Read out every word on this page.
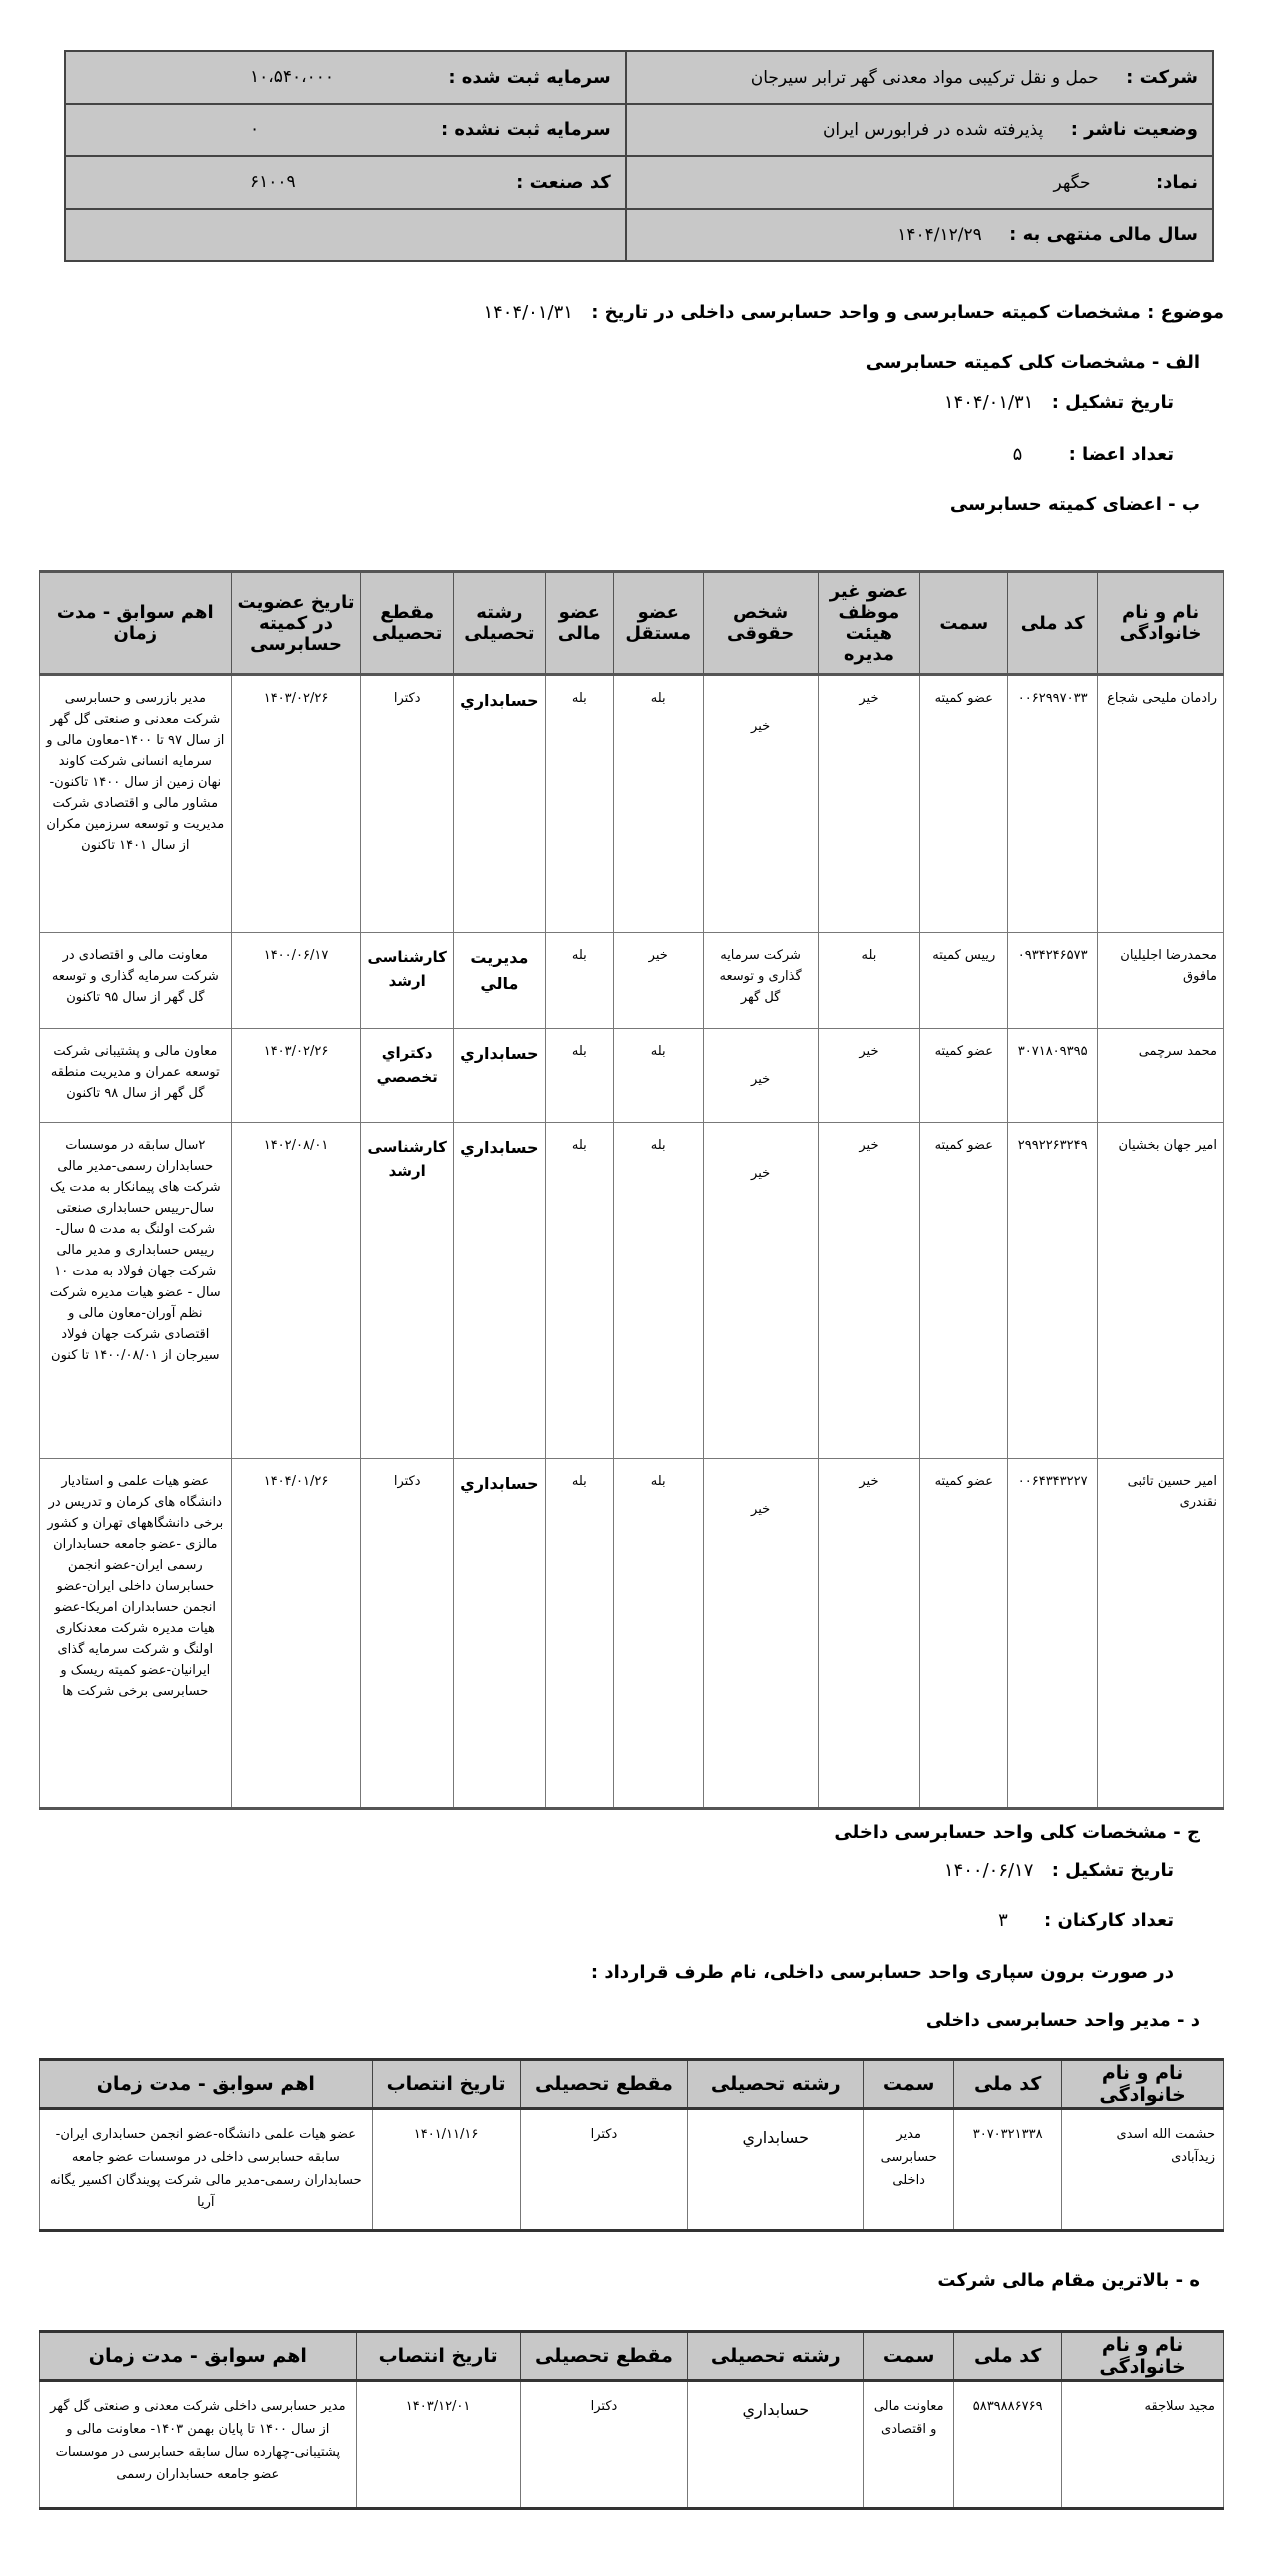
شرکت : حمل و نقل ترکیبی مواد معدنی گهر ترابر سیرجان	سرمایه ثبت شده :
۱۰،۵۴۰،۰۰۰

وضعیت ناشر : پذیرفته شده در فرابورس ایران	سرمایه ثبت نشده :
۰

نماد: حگهر	کد صنعت :
۶۱۰۰۹

سال مالی منتهی به : ۱۴۰۴/۱۲/۲۹	
موضوع : مشخصات کمیته حسابرسی و واحد حسابرسی داخلی در تاریخ : ۱۴۰۴/۰۱/۳۱
الف - مشخصات کلی کمیته حسابرسی
تاریخ تشکیل : ۱۴۰۴/۰۱/۳۱
تعداد اعضا : ۵
ب - اعضای کمیته حسابرسی
نام و نام خانوادگی	کد ملی	سمت	عضو غیر موظف هیئت مدیره	شخص حقوقی	عضو مستقل	عضو مالی	رشته تحصیلی	مقطع تحصیلی	تاریخ عضویت در کمیته حسابرسی	اهم سوابق - مدت زمان
رادمان ملیحی شجاع	۰۰۶۲۹۹۷۰۳۳	عضو کمیته	خیر	خیر	بله	بله	حسابداري	دکترا	۱۴۰۳/۰۲/۲۶	مدیر بازرسی و حسابرسی شرکت معدنی و صنعتی گل گهر از سال ۹۷ تا ۱۴۰۰-معاون مالی و سرمایه انسانی شرکت کاوند نهان زمین از سال ۱۴۰۰ تاکنون-مشاور مالی و اقتصادی شرکت مدیریت و توسعه سرزمین مکران از سال ۱۴۰۱ تاکنون
محمدرضا اجلیلیان مافوق	۰۹۳۴۲۴۶۵۷۳	رییس کمیته	بله	شرکت سرمایه گذاری و توسعه گل گهر	خیر	بله	مدیریت مالي	کارشناسی ارشد	۱۴۰۰/۰۶/۱۷	معاونت مالی و اقتصادی در شرکت سرمایه گذاری و توسعه گل گهر از سال ۹۵ تاکنون
محمد سرچمی	۳۰۷۱۸۰۹۳۹۵	عضو کمیته	خیر	خیر	بله	بله	حسابداري	دکتراي تخصصي	۱۴۰۳/۰۲/۲۶	معاون مالی و پشتیبانی شرکت توسعه عمران و مدیریت منطقه گل گهر از سال ۹۸ تاکنون
امیر جهان بخشیان	۲۹۹۲۲۶۳۲۴۹	عضو کمیته	خیر	خیر	بله	بله	حسابداري	کارشناسی ارشد	۱۴۰۲/۰۸/۰۱	۲سال سابقه در موسسات حسابداران رسمی-مدیر مالی شرکت های پیمانکار به مدت یک سال-رییس حسابداری صنعتی شرکت اولنگ به مدت ۵ سال-رییس حسابداری و مدیر مالی شرکت جهان فولاد به مدت ۱۰ سال - عضو هیات مدیره شرکت نظم آوران-معاون مالی و اقتصادی شرکت جهان فولاد سیرجان از ۱۴۰۰/۰۸/۰۱ تا کنون
امیر حسین تائبی نقندری	۰۰۶۴۳۴۳۲۲۷	عضو کمیته	خیر	خیر	بله	بله	حسابداري	دکترا	۱۴۰۴/۰۱/۲۶	عضو هیات علمی و استادیار دانشگاه های کرمان و تدریس در برخی دانشگاههای تهران و کشور مالزی -عضو جامعه حسابداران رسمی ایران-عضو انجمن حسابرسان داخلی ایران-عضو انجمن حسابداران امریکا-عضو هیات مدیره شرکت معدنکاری اولنگ و شرکت سرمایه گذای ایرانیان-عضو کمیته ریسک و حسابرسی برخی شرکت ها
ج - مشخصات کلی واحد حسابرسی داخلی
تاریخ تشکیل : ۱۴۰۰/۰۶/۱۷
تعداد کارکنان : ۳
در صورت برون سپاری واحد حسابرسی داخلی، نام طرف قرارداد :
د - مدیر واحد حسابرسی داخلی
نام و نام خانوادگی	کد ملی	سمت	رشته تحصیلی	مقطع تحصیلی	تاریخ انتصاب	اهم سوابق - مدت زمان
حشمت الله اسدی زیدآبادی	۳۰۷۰۳۲۱۳۳۸	مدیر حسابرسی داخلی	حسابداري	دکترا	۱۴۰۱/۱۱/۱۶	عضو هیات علمی دانشگاه-عضو انجمن حسابداری ایران-سابقه حسابرسی داخلی در موسسات عضو جامعه حسابداران رسمی-مدیر مالی شرکت پویندگان اکسیر یگانه آریا
ه - بالاترین مقام مالی شرکت
نام و نام خانوادگی	کد ملی	سمت	رشته تحصیلی	مقطع تحصیلی	تاریخ انتصاب	اهم سوابق - مدت زمان
مجید سلاجقه	۵۸۳۹۸۸۶۷۶۹	معاونت مالی و اقتصادی	حسابداري	دکترا	۱۴۰۳/۱۲/۰۱	مدیر حسابرسی داخلی شرکت معدنی و صنعتی گل گهر از سال ۱۴۰۰ تا پایان بهمن ۱۴۰۳- معاونت مالی و پشتیبانی-چهارده سال سابقه حسابرسی در موسسات عضو جامعه حسابداران رسمی
